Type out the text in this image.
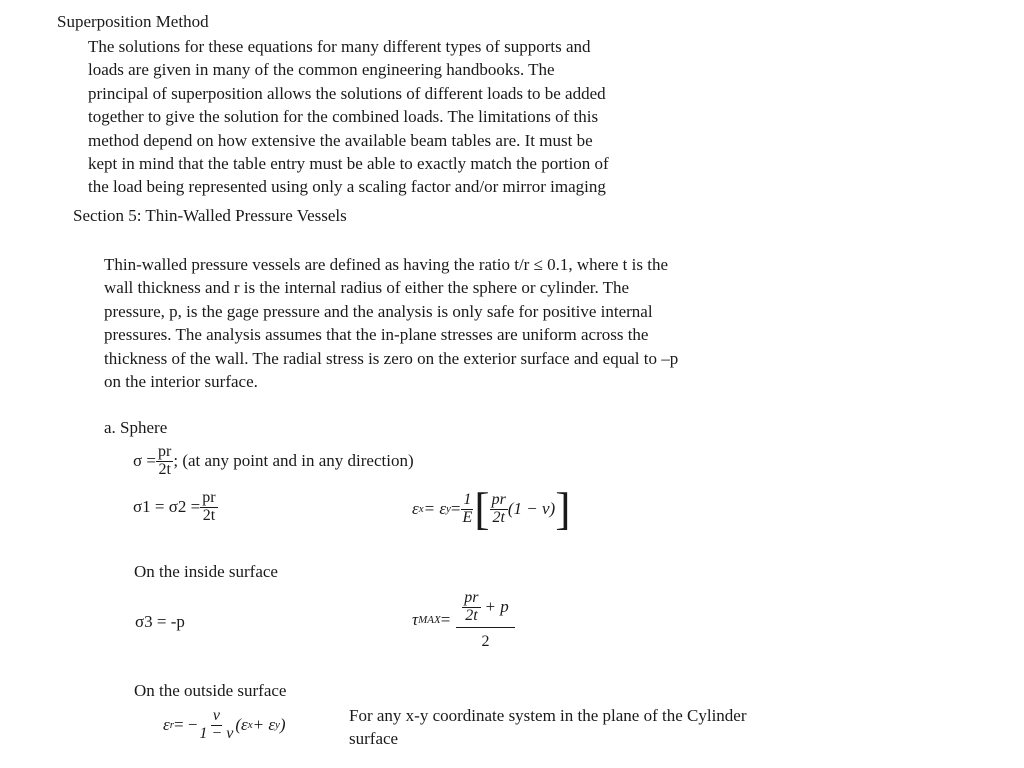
Superposition Method
The solutions for these equations for many different types of supports and
loads are given in many of the common engineering handbooks. The
principal of superposition allows the solutions of different loads to be added
together to give the solution for the combined loads. The limitations of this
method depend on how extensive the available beam tables are. It must be
kept in mind that the table entry must be able to exactly match the portion of
the load being represented using only a scaling factor and/or mirror imaging
Section 5: Thin-Walled Pressure Vessels
Thin-walled pressure vessels are defined as having the ratio t/r ≤ 0.1, where t is the
wall thickness and r is the internal radius of either the sphere or cylinder. The
pressure, p, is the gage pressure and the analysis is only safe for positive internal
pressures. The analysis assumes that the in-plane stresses are uniform across the
thickness of the wall. The radial stress is zero on the exterior surface and equal to –p
on the interior surface.
a. Sphere
$\sigma = \frac{pr}{2t}$ ; (at any point and in any direction)
$\sigma 1 = \sigma 2 = \frac{pr}{2t}$	ε x = ε $y = \frac{1}{E}$ [ $\frac{pr}{2t} (1 - \nu)$ ]
On the inside surface
σ3 = -p	τ MAX = $\frac{\frac{pr}{2t} + p}{2}$
On the outside surface
ε r = − $\frac{\nu}{1 - \nu} (\varepsilon$ x + ε y )	For any x-y coordinate system in the plane of the Cylinder
surface
